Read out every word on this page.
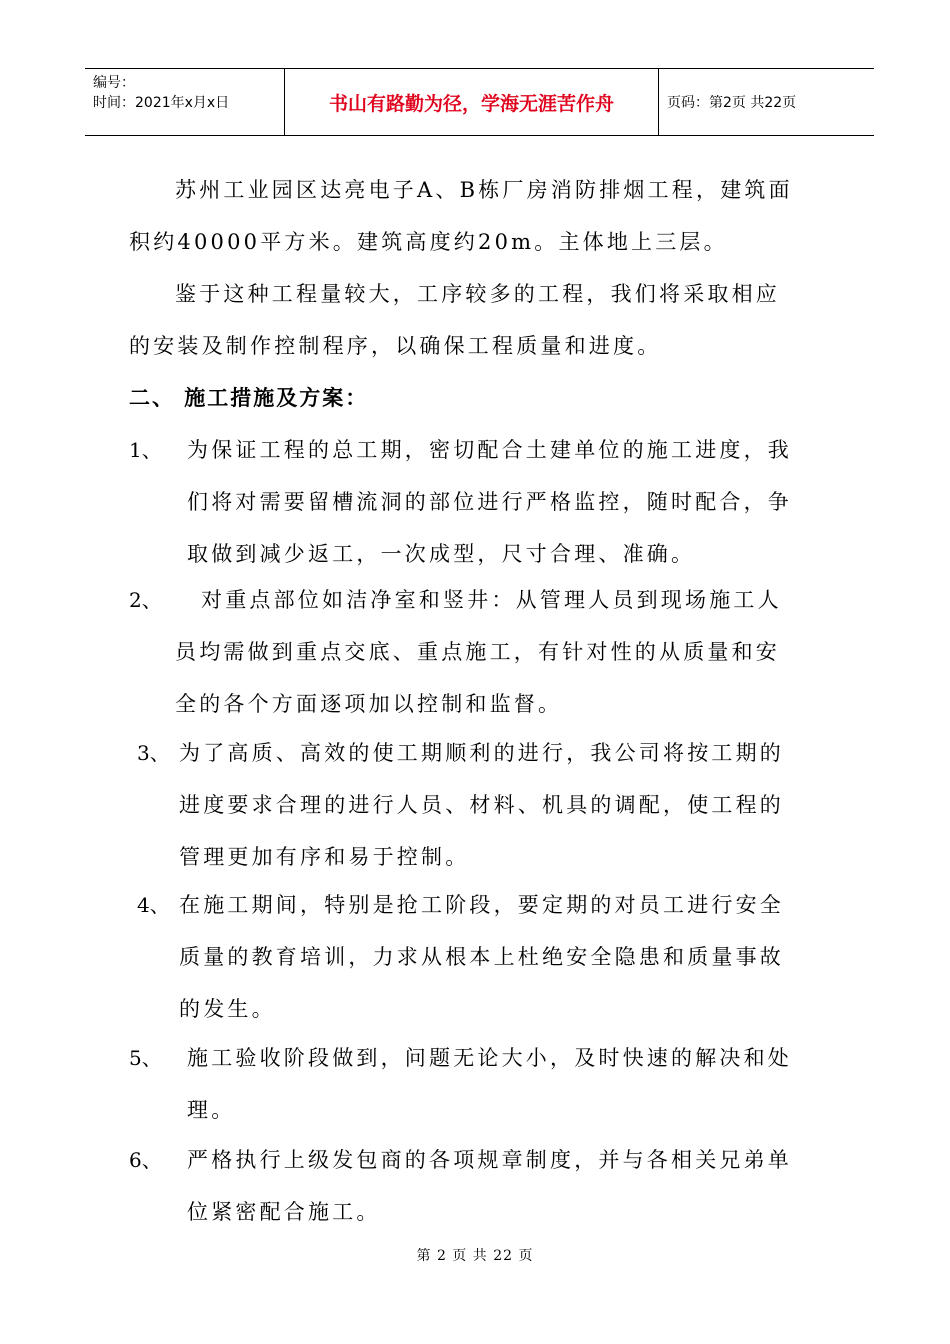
编号：
时间：2021年x月x日	书山有路勤为径，学海无涯苦作舟	页码：第2页 共22页
苏州工业园区达亮电子A、B栋厂房消防排烟工程，建筑面
积约40000平方米。建筑高度约20m。主体地上三层。
鉴于这种工程量较大，工序较多的工程，我们将采取相应
的安装及制作控制程序，以确保工程质量和进度。
二、 施工措施及方案：
1、 为保证工程的总工期，密切配合土建单位的施工进度，我
们将对需要留槽流洞的部位进行严格监控，随时配合，争
取做到减少返工，一次成型，尺寸合理、准确。
2、 对重点部位如洁净室和竖井：从管理人员到现场施工人
员均需做到重点交底、重点施工，有针对性的从质量和安
全的各个方面逐项加以控制和监督。
3、 为了高质、高效的使工期顺利的进行，我公司将按工期的
进度要求合理的进行人员、材料、机具的调配，使工程的
管理更加有序和易于控制。
4、 在施工期间，特别是抢工阶段，要定期的对员工进行安全
质量的教育培训，力求从根本上杜绝安全隐患和质量事故
的发生。
5、 施工验收阶段做到，问题无论大小，及时快速的解决和处
理。
6、 严格执行上级发包商的各项规章制度，并与各相关兄弟单
位紧密配合施工。
第 2 页 共 22 页
